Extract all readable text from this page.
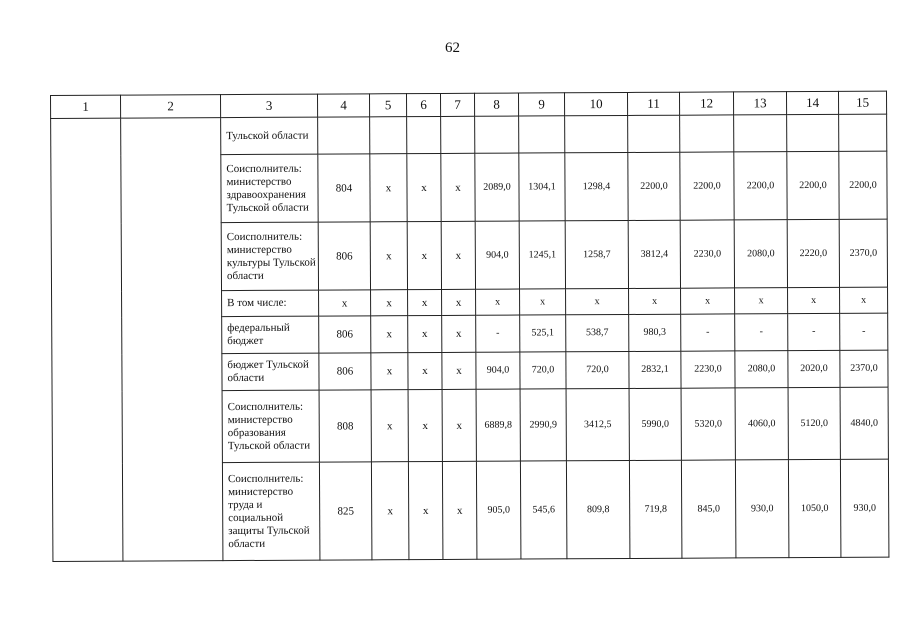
62
1	2	3	4	5	6	7	8	9	10	11	12	13	14	15
		Тульской области												
		Соисполнитель: министерство здравоохранения Тульской области	804	х	х	х	2089,0	1304,1	1298,4	2200,0	2200,0	2200,0	2200,0	2200,0
		Соисполнитель: министерство культуры Тульской области	806	х	х	х	904,0	1245,1	1258,7	3812,4	2230,0	2080,0	2220,0	2370,0
		В том числе:	х	х	х	х	х	х	х	х	х	х	х	х
		федеральный бюджет	806	х	х	х	-	525,1	538,7	980,3	-	-	-	-
		бюджет Тульской области	806	х	х	х	904,0	720,0	720,0	2832,1	2230,0	2080,0	2020,0	2370,0
		Соисполнитель: министерство образования Тульской области	808	х	х	х	6889,8	2990,9	3412,5	5990,0	5320,0	4060,0	5120,0	4840,0
		Соисполнитель: министерство труда и социальной защиты Тульской области	825	х	х	х	905,0	545,6	809,8	719,8	845,0	930,0	1050,0	930,0
